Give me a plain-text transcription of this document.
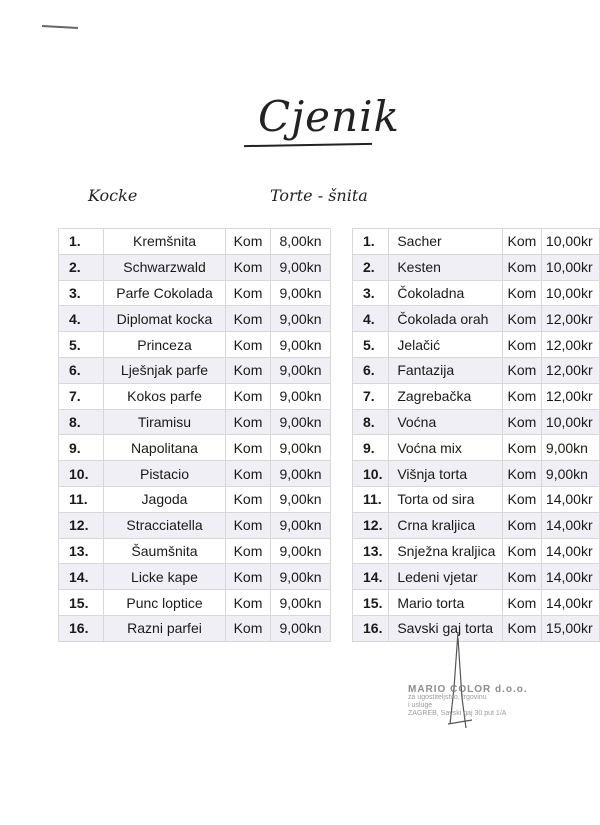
Cjenik
Kocke	Torte - šnita
1.	Kremšnita	Kom	8,00kn
2.	Schwarzwald	Kom	9,00kn
3.	Parfe Cokolada	Kom	9,00kn
4.	Diplomat kocka	Kom	9,00kn
5.	Princeza	Kom	9,00kn
6.	Lješnjak parfe	Kom	9,00kn
7.	Kokos parfe	Kom	9,00kn
8.	Tiramisu	Kom	9,00kn
9.	Napolitana	Kom	9,00kn
10.	Pistacio	Kom	9,00kn
11.	Jagoda	Kom	9,00kn
12.	Stracciatella	Kom	9,00kn
13.	Šaumšnita	Kom	9,00kn
14.	Licke kape	Kom	9,00kn
15.	Punc loptice	Kom	9,00kn
16.	Razni parfei	Kom	9,00kn
1.	Sacher	Kom	10,00kr
2.	Kesten	Kom	10,00kr
3.	Čokoladna	Kom	10,00kr
4.	Čokolada orah	Kom	12,00kr
5.	Jelačić	Kom	12,00kr
6.	Fantazija	Kom	12,00kr
7.	Zagrebačka	Kom	12,00kr
8.	Voćna	Kom	10,00kr
9.	Voćna mix	Kom	9,00kn
10.	Višnja torta	Kom	9,00kn
11.	Torta od sira	Kom	14,00kr
12.	Crna kraljica	Kom	14,00kr
13.	Snježna kraljica	Kom	14,00kr
14.	Ledeni vjetar	Kom	14,00kr
15.	Mario torta	Kom	14,00kr
16.	Savski gaj torta	Kom	15,00kr
MARIO COLOR d.o.o.
za ugostiteljstvo, trgovinu
i usluge
ZAGREB, Savski gaj 30 put 1/A
